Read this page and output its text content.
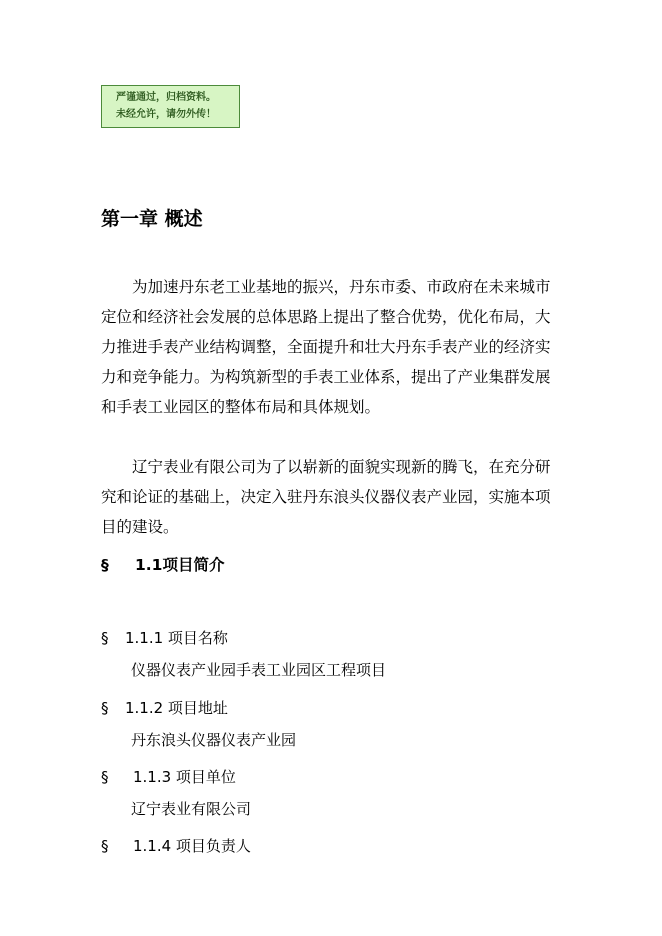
严谨通过，归档资料。
未经允许，请勿外传！
第一章 概述

为加速丹东老工业基地的振兴，丹东市委、市政府在未来城市定位和经济社会发展的总体思路上提出了整合优势，优化布局，大力推进手表产业结构调整，全面提升和壮大丹东手表产业的经济实力和竞争能力。为构筑新型的手表工业体系，提出了产业集群发展和手表工业园区的整体布局和具体规划。

辽宁表业有限公司为了以崭新的面貌实现新的腾飞，在充分研究和论证的基础上，决定入驻丹东浪头仪器仪表产业园，实施本项目的建设。

§ 1.1项目简介
§ 1.1.1 项目名称
仪器仪表产业园手表工业园区工程项目
§ 1.1.2 项目地址
丹东浪头仪器仪表产业园
§ 1.1.3 项目单位
辽宁表业有限公司
§ 1.1.4 项目负责人
